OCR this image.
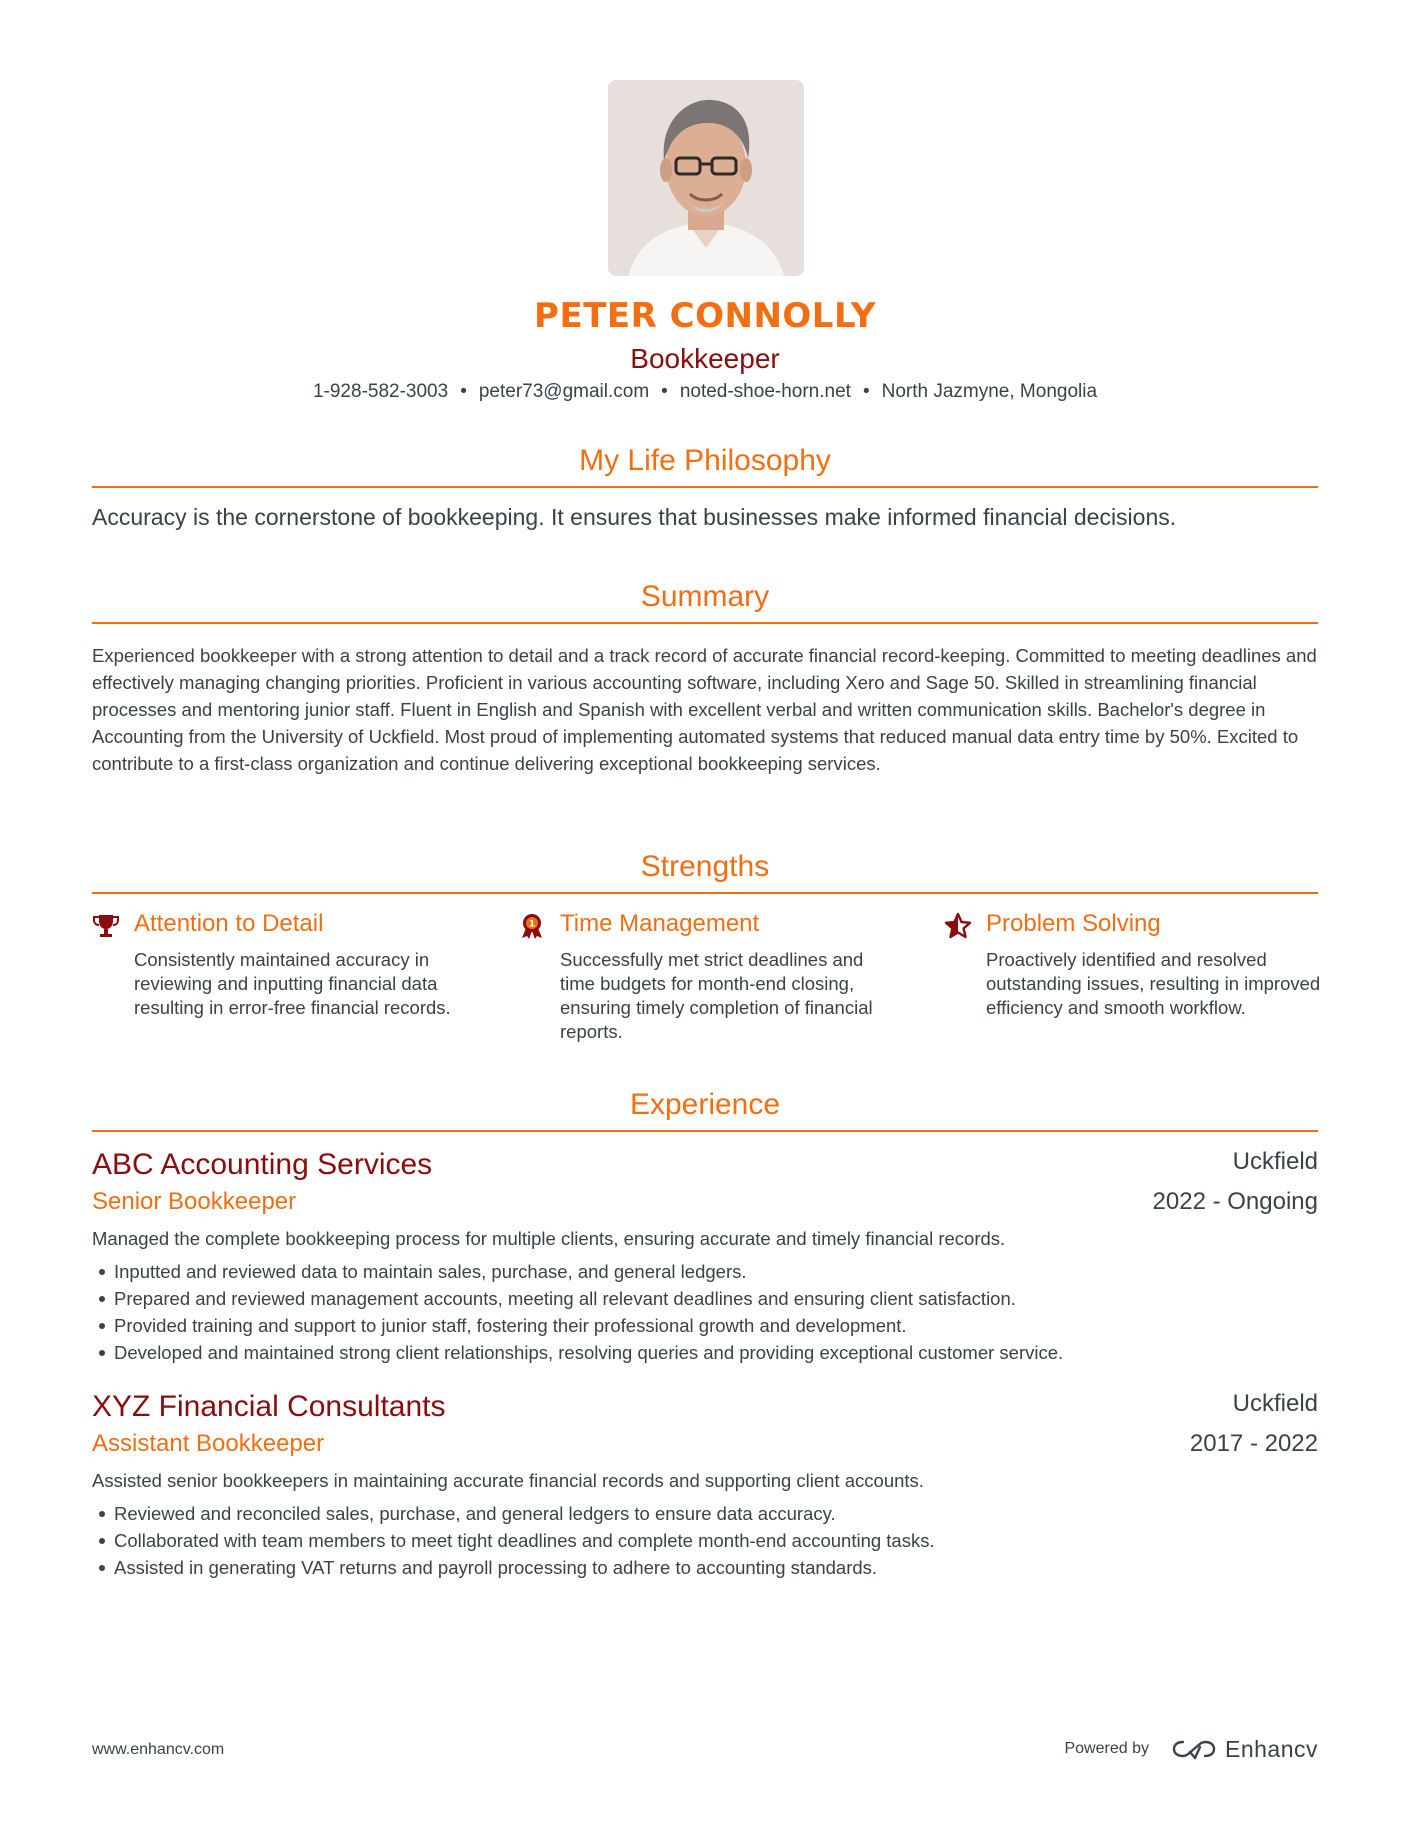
PETER CONNOLLY
Bookkeeper
1-928-582-3003 • peter73@gmail.com • noted-shoe-horn.net • North Jazmyne, Mongolia
My Life Philosophy
Accuracy is the cornerstone of bookkeeping. It ensures that businesses make informed financial decisions.
Summary
Experienced bookkeeper with a strong attention to detail and a track record of accurate financial record-keeping. Committed to meeting deadlines and effectively managing changing priorities. Proficient in various accounting software, including Xero and Sage 50. Skilled in streamlining financial processes and mentoring junior staff. Fluent in English and Spanish with excellent verbal and written communication skills. Bachelor's degree in Accounting from the University of Uckfield. Most proud of implementing automated systems that reduced manual data entry time by 50%. Excited to contribute to a first-class organization and continue delivering exceptional bookkeeping services.
Strengths
Attention to Detail
Consistently maintained accuracy in reviewing and inputting financial data resulting in error-free financial records.
1 Time Management
Successfully met strict deadlines and time budgets for month-end closing, ensuring timely completion of financial reports.
Problem Solving
Proactively identified and resolved outstanding issues, resulting in improved efficiency and smooth workflow.
Experience
ABC Accounting Services	Uckfield
Senior Bookkeeper	2022 - Ongoing
Managed the complete bookkeeping process for multiple clients, ensuring accurate and timely financial records.
Inputted and reviewed data to maintain sales, purchase, and general ledgers.
Prepared and reviewed management accounts, meeting all relevant deadlines and ensuring client satisfaction.
Provided training and support to junior staff, fostering their professional growth and development.
Developed and maintained strong client relationships, resolving queries and providing exceptional customer service.
XYZ Financial Consultants	Uckfield
Assistant Bookkeeper	2017 - 2022
Assisted senior bookkeepers in maintaining accurate financial records and supporting client accounts.
Reviewed and reconciled sales, purchase, and general ledgers to ensure data accuracy.
Collaborated with team members to meet tight deadlines and complete month-end accounting tasks.
Assisted in generating VAT returns and payroll processing to adhere to accounting standards.
www.enhancv.com	Powered by	Enhancv
